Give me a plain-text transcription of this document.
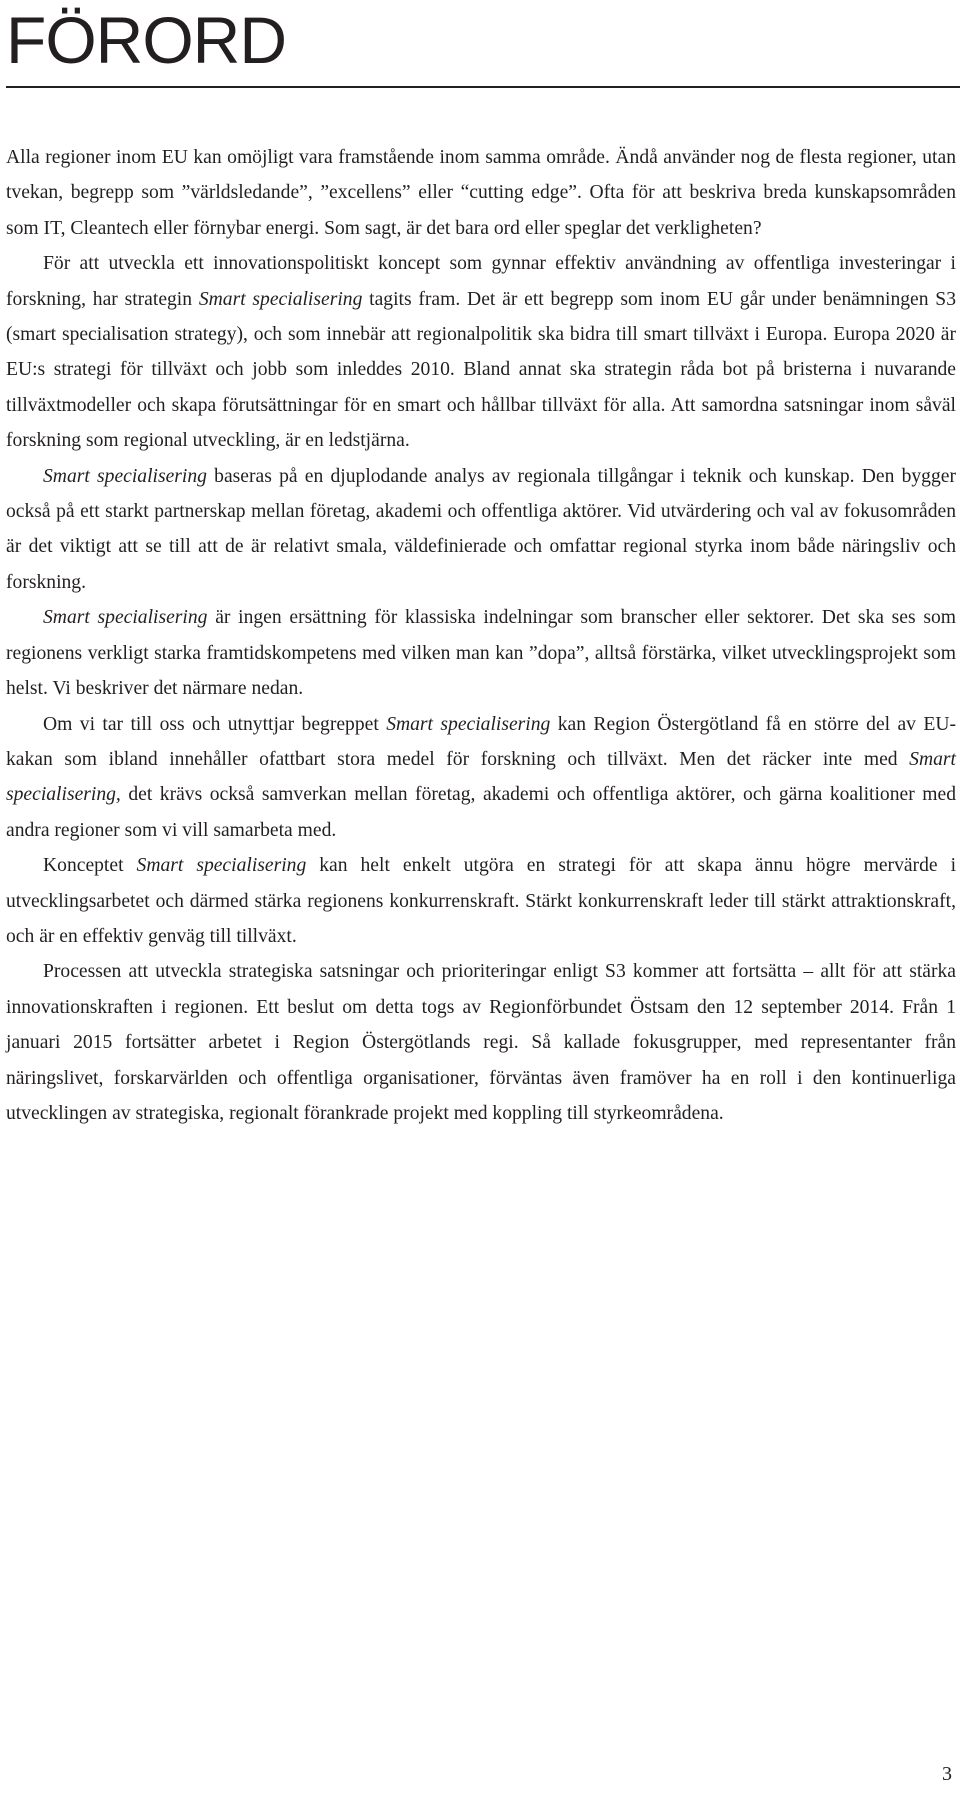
FÖRORD

Alla regioner inom EU kan omöjligt vara framstående inom samma område. Ändå använder nog de flesta regioner, utan tvekan, begrepp som ”världsledande”, ”excellens” eller “cutting edge”. Ofta för att beskriva breda kunskapsområden som IT, Cleantech eller förnybar energi. Som sagt, är det bara ord eller speglar det verkligheten?

För att utveckla ett innovationspolitiskt koncept som gynnar effektiv användning av offentliga investeringar i forskning, har strategin Smart specialisering tagits fram. Det är ett begrepp som inom EU går under benämningen S3 (smart specialisation strategy), och som innebär att regionalpolitik ska bidra till smart tillväxt i Europa. Europa 2020 är EU:s strategi för tillväxt och jobb som inleddes 2010. Bland annat ska strategin råda bot på bristerna i nuvarande tillväxtmodeller och skapa förutsättningar för en smart och hållbar tillväxt för alla. Att samordna satsningar inom såväl forskning som regional utveckling, är en ledstjärna.

Smart specialisering baseras på en djuplodande analys av regionala tillgångar i teknik och kunskap. Den bygger också på ett starkt partnerskap mellan företag, akademi och offentliga aktörer. Vid utvärdering och val av fokusområden är det viktigt att se till att de är relativt smala, väldefinierade och omfattar regional styrka inom både näringsliv och forskning.

Smart specialisering är ingen ersättning för klassiska indelningar som branscher eller sektorer. Det ska ses som regionens verkligt starka framtidskompetens med vilken man kan ”dopa”, alltså förstärka, vilket utvecklingsprojekt som helst. Vi beskriver det närmare nedan.

Om vi tar till oss och utnyttjar begreppet Smart specialisering kan Region Östergötland få en större del av EU-kakan som ibland innehåller ofattbart stora medel för forskning och tillväxt. Men det räcker inte med Smart specialisering, det krävs också samverkan mellan företag, akademi och offentliga aktörer, och gärna koalitioner med andra regioner som vi vill samarbeta med.

Konceptet Smart specialisering kan helt enkelt utgöra en strategi för att skapa ännu högre mervärde i utvecklingsarbetet och därmed stärka regionens konkurrenskraft. Stärkt konkurrenskraft leder till stärkt attraktionskraft, och är en effektiv genväg till tillväxt.

Processen att utveckla strategiska satsningar och prioriteringar enligt S3 kommer att fortsätta – allt för att stärka innovationskraften i regionen. Ett beslut om detta togs av Regionförbundet Östsam den 12 september 2014. Från 1 januari 2015 fortsätter arbetet i Region Östergötlands regi. Så kallade fokusgrupper, med representanter från näringslivet, forskarvärlden och offentliga organisationer, förväntas även framöver ha en roll i den kontinuerliga utvecklingen av strategiska, regionalt förankrade projekt med koppling till styrkeområdena.

3
